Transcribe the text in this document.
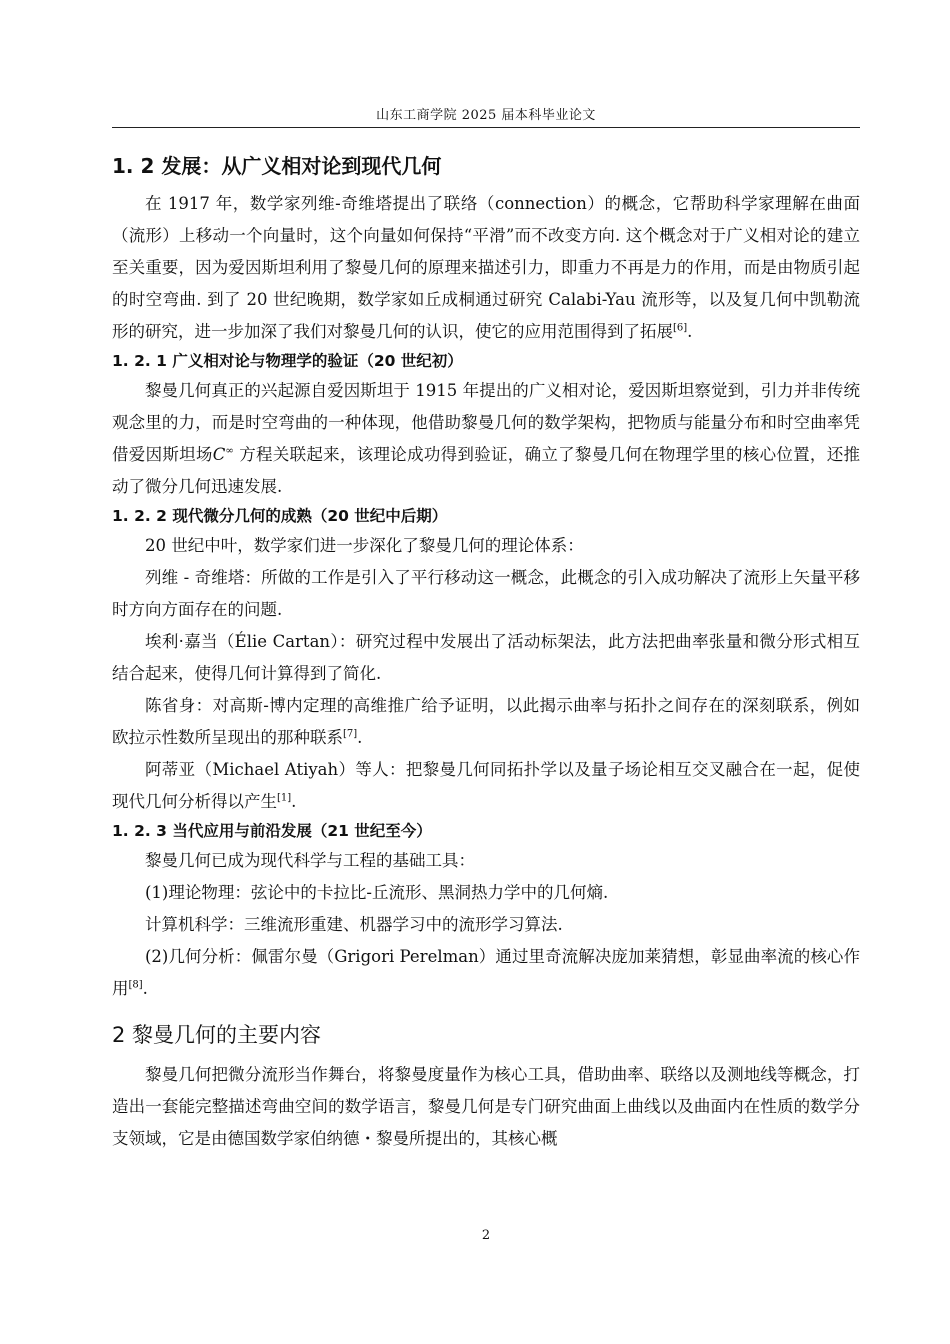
山东工商学院 2025 届本科毕业论文
1. 2 发展：从广义相对论到现代几何

在 1917 年，数学家列维-奇维塔提出了联络（connection）的概念，它帮助科学家理解在曲面（流形）上移动一个向量时，这个向量如何保持“平滑”而不改变方向. 这个概念对于广义相对论的建立至关重要，因为爱因斯坦利用了黎曼几何的原理来描述引力，即重力不再是力的作用，而是由物质引起的时空弯曲. 到了 20 世纪晚期，数学家如丘成桐通过研究 Calabi-Yau 流形等，以及复几何中凯勒流形的研究，进一步加深了我们对黎曼几何的认识，使它的应用范围得到了拓展[6].

1. 2. 1 广义相对论与物理学的验证（20 世纪初）

黎曼几何真正的兴起源自爱因斯坦于 1915 年提出的广义相对论，爱因斯坦察觉到，引力并非传统观念里的力，而是时空弯曲的一种体现，他借助黎曼几何的数学架构，把物质与能量分布和时空曲率凭借爱因斯坦场C∞ 方程关联起来，该理论成功得到验证，确立了黎曼几何在物理学里的核心位置，还推动了微分几何迅速发展.

1. 2. 2 现代微分几何的成熟（20 世纪中后期）

20 世纪中叶，数学家们进一步深化了黎曼几何的理论体系：

列维 - 奇维塔：所做的工作是引入了平行移动这一概念，此概念的引入成功解决了流形上矢量平移时方向方面存在的问题.

埃利·嘉当（Élie Cartan）：研究过程中发展出了活动标架法，此方法把曲率张量和微分形式相互结合起来，使得几何计算得到了简化.

陈省身：对高斯-博内定理的高维推广给予证明，以此揭示曲率与拓扑之间存在的深刻联系，例如欧拉示性数所呈现出的那种联系[7].

阿蒂亚（Michael Atiyah）等人：把黎曼几何同拓扑学以及量子场论相互交叉融合在一起，促使现代几何分析得以产生[1].

1. 2. 3 当代应用与前沿发展（21 世纪至今）

黎曼几何已成为现代科学与工程的基础工具：

(1)理论物理：弦论中的卡拉比-丘流形、黑洞热力学中的几何熵.

计算机科学：三维流形重建、机器学习中的流形学习算法.

(2)几何分析：佩雷尔曼（Grigori Perelman）通过里奇流解决庞加莱猜想，彰显曲率流的核心作用[8].

2 黎曼几何的主要内容

黎曼几何把微分流形当作舞台，将黎曼度量作为核心工具，借助曲率、联络以及测地线等概念，打造出一套能完整描述弯曲空间的数学语言，黎曼几何是专门研究曲面上曲线以及曲面内在性质的数学分支领域，它是由德国数学家伯纳德・黎曼所提出的，其核心概

2
